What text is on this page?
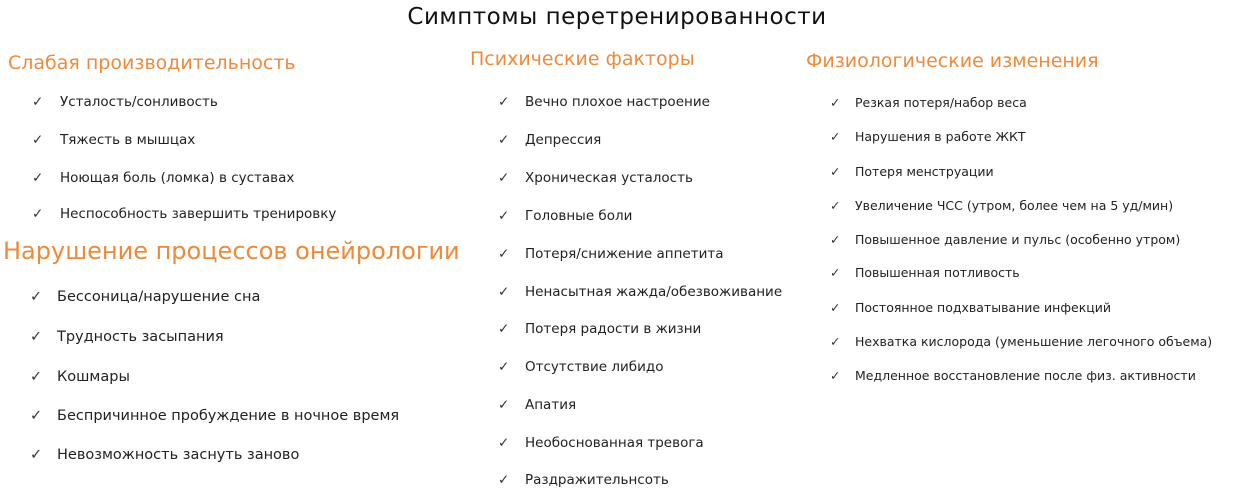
Симптомы перетренированности
Слабая производительность
✓ Усталость/сонливость
✓ Тяжесть в мышцах
✓ Ноющая боль (ломка) в суставах
✓ Неспособность завершить тренировку
Нарушение процессов онейрологии
✓ Бессоница/нарушение сна
✓ Трудность засыпания
✓ Кошмары
✓ Беспричинное пробуждение в ночное время
✓ Невозможность заснуть заново
Психические факторы
✓ Вечно плохое настроение
✓ Депрессия
✓ Хроническая усталость
✓ Головные боли
✓ Потеря/снижение аппетита
✓ Ненасытная жажда/обезвоживание
✓ Потеря радости в жизни
✓ Отсутствие либидо
✓ Апатия
✓ Необоснованная тревога
✓ Раздражительнсоть
Физиологические изменения
✓ Резкая потеря/набор веса
✓ Нарушения в работе ЖКТ
✓ Потеря менструации
✓ Увеличение ЧСС (утром, более чем на 5 уд/мин)
✓ Повышенное давление и пульс (особенно утром)
✓ Повышенная потливость
✓ Постоянное подхватывание инфекций
✓ Нехватка кислорода (уменьшение легочного объема)
✓ Медленное восстановление после физ. активности
